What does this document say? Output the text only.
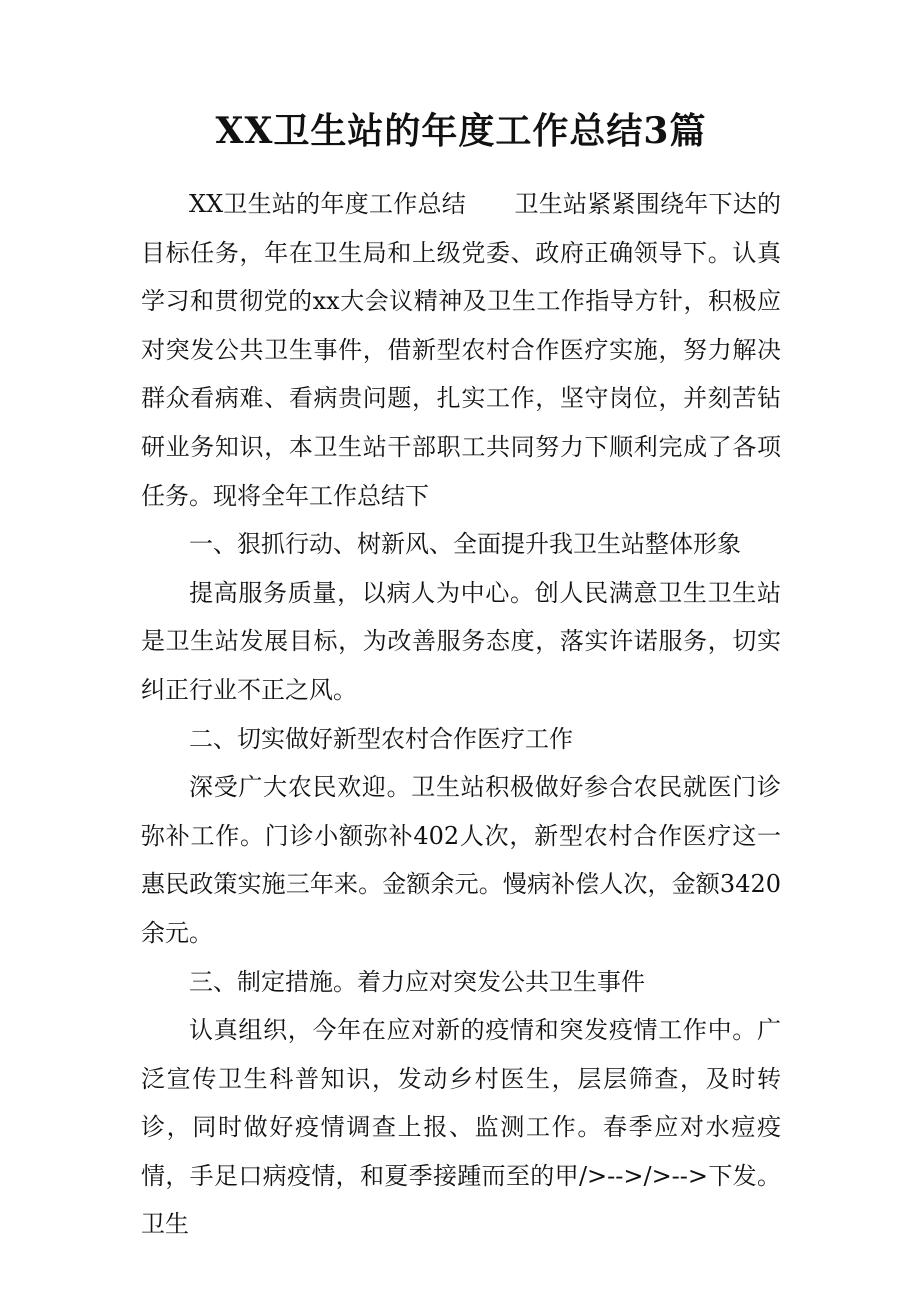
XX卫生站的年度工作总结3篇

XX卫生站的年度工作总结　　卫生站紧紧围绕年下达的目标任务，年在卫生局和上级党委、政府正确领导下。认真学习和贯彻党的xx大会议精神及卫生工作指导方针，积极应对突发公共卫生事件，借新型农村合作医疗实施，努力解决群众看病难、看病贵问题，扎实工作，坚守岗位，并刻苦钻研业务知识，本卫生站干部职工共同努力下顺利完成了各项任务。现将全年工作总结下

一、狠抓行动、树新风、全面提升我卫生站整体形象

提高服务质量，以病人为中心。创人民满意卫生卫生站是卫生站发展目标，为改善服务态度，落实许诺服务，切实纠正行业不正之风。

二、切实做好新型农村合作医疗工作

深受广大农民欢迎。卫生站积极做好参合农民就医门诊弥补工作。门诊小额弥补402人次，新型农村合作医疗这一惠民政策实施三年来。金额余元。慢病补偿人次，金额3420余元。

三、制定措施。着力应对突发公共卫生事件

认真组织，今年在应对新的疫情和突发疫情工作中。广泛宣传卫生科普知识，发动乡村医生，层层筛查，及时转诊，同时做好疫情调查上报、监测工作。春季应对水痘疫情，手足口病疫情，和夏季接踵而至的甲/>-->/>-->下发。卫生
